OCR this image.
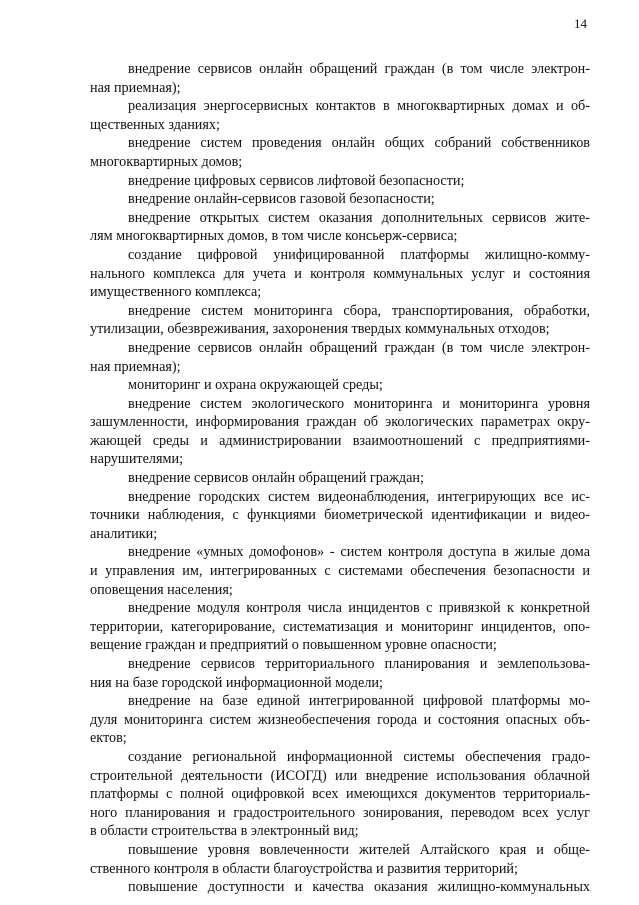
14

внедрение сервисов онлайн обращений граждан (в том числе электрон-
ная приемная);

реализация энергосервисных контактов в многоквартирных домах и об-
щественных зданиях;

внедрение систем проведения онлайн общих собраний собственников
многоквартирных домов;

внедрение цифровых сервисов лифтовой безопасности;

внедрение онлайн-сервисов газовой безопасности;

внедрение открытых систем оказания дополнительных сервисов жите-
лям многоквартирных домов, в том числе консьерж-сервиса;

создание цифровой унифицированной платформы жилищно-комму-
нального комплекса для учета и контроля коммунальных услуг и состояния
имущественного комплекса;

внедрение систем мониторинга сбора, транспортирования, обработки,
утилизации, обезвреживания, захоронения твердых коммунальных отходов;

внедрение сервисов онлайн обращений граждан (в том числе электрон-
ная приемная);

мониторинг и охрана окружающей среды;

внедрение систем экологического мониторинга и мониторинга уровня
зашумленности, информирования граждан об экологических параметрах окру-
жающей среды и администрировании взаимоотношений с предприятиями-
нарушителями;

внедрение сервисов онлайн обращений граждан;

внедрение городских систем видеонаблюдения, интегрирующих все ис-
точники наблюдения, с функциями биометрической идентификации и видео-
аналитики;

внедрение «умных домофонов» - систем контроля доступа в жилые дома
и управления им, интегрированных с системами обеспечения безопасности и
оповещения населения;

внедрение модуля контроля числа инцидентов с привязкой к конкретной
территории, категорирование, систематизация и мониторинг инцидентов, опо-
вещение граждан и предприятий о повышенном уровне опасности;

внедрение сервисов территориального планирования и землепользова-
ния на базе городской информационной модели;

внедрение на базе единой интегрированной цифровой платформы мо-
дуля мониторинга систем жизнеобеспечения города и состояния опасных объ-
ектов;

создание региональной информационной системы обеспечения градо-
строительной деятельности (ИСОГД) или внедрение использования облачной
платформы с полной оцифровкой всех имеющихся документов территориаль-
ного планирования и градостроительного зонирования, переводом всех услуг
в области строительства в электронный вид;

повышение уровня вовлеченности жителей Алтайского края и обще-
ственного контроля в области благоустройства и развития территорий;

повышение доступности и качества оказания жилищно-коммунальных
